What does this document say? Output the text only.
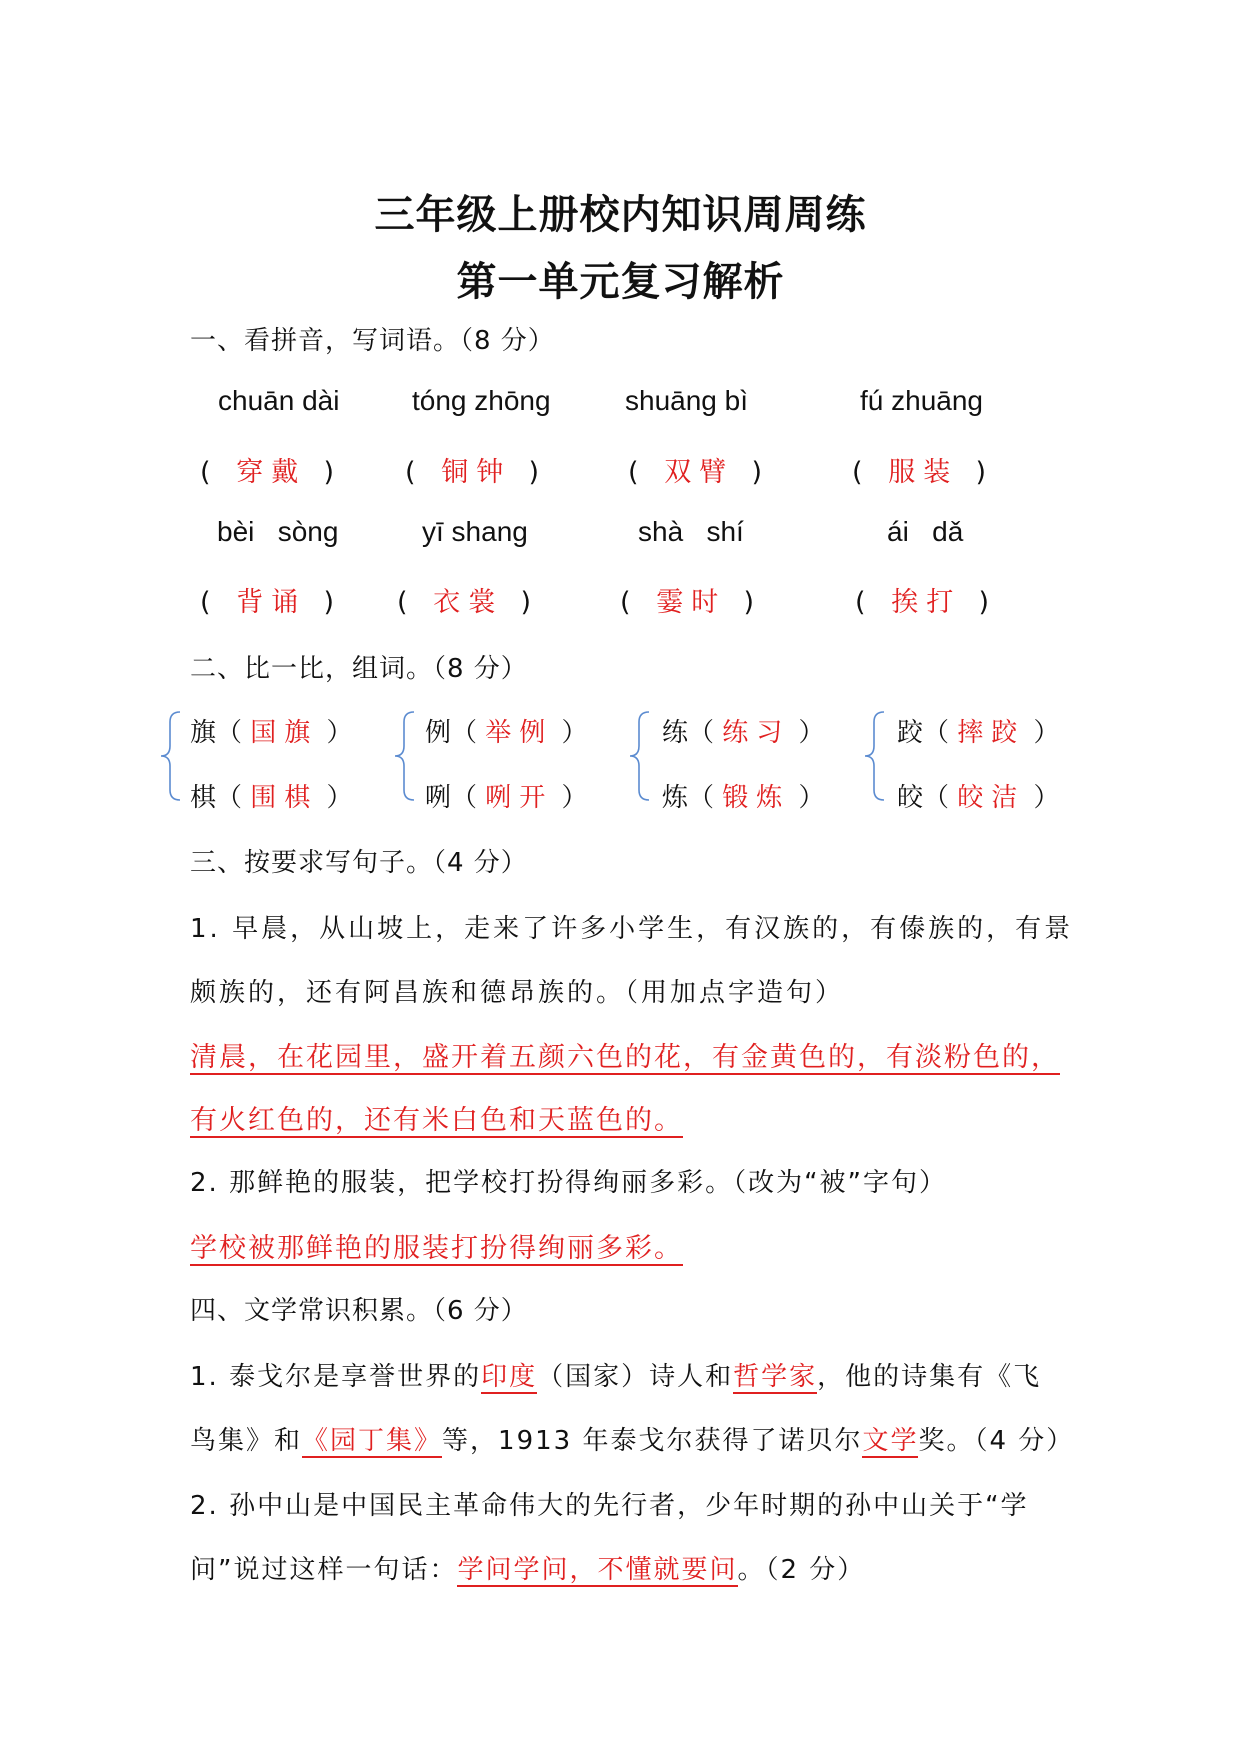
三年级上册校内知识周周练
第一单元复习解析
一、看拼音，写词语。（8 分）
chuān dài	tóng zhōng	shuāng bì	fú zhuāng
(   穿戴  )	(   铜钟  )	(   双臂  )	(   服装  )
bèi   sòng	yī shang	shà   shí	ái   dǎ
(   背诵  ) (   衣裳  )	(   霎时  )	(   挨打  )
二、比一比，组词。（8 分）
旗（ 国旗 ）
棋（ 围棋 ）
例（ 举例 ）
咧（ 咧开 ）
练（ 练习 ）
炼（ 锻炼 ）
跤（ 摔跤 ）
皎（ 皎洁 ）
三、按要求写句子。（4 分）
1. 早晨，从山坡上，走来了许多小学生，有汉族的，有傣族的，有景
颇族的，还有阿昌族和德昂族的。（用加点字造句）
清晨，在花园里，盛开着五颜六色的花，有金黄色的，有淡粉色的，
有火红色的，还有米白色和天蓝色的。
2. 那鲜艳的服装，把学校打扮得绚丽多彩。（改为“被”字句）
学校被那鲜艳的服装打扮得绚丽多彩。
四、文学常识积累。（6 分）
1. 泰戈尔是享誉世界的印度（国家）诗人和哲学家，他的诗集有《飞
鸟集》和《园丁集》等，1913 年泰戈尔获得了诺贝尔文学奖。（4 分）
2. 孙中山是中国民主革命伟大的先行者，少年时期的孙中山关于“学
问”说过这样一句话：学问学问，不懂就要问。（2 分）
